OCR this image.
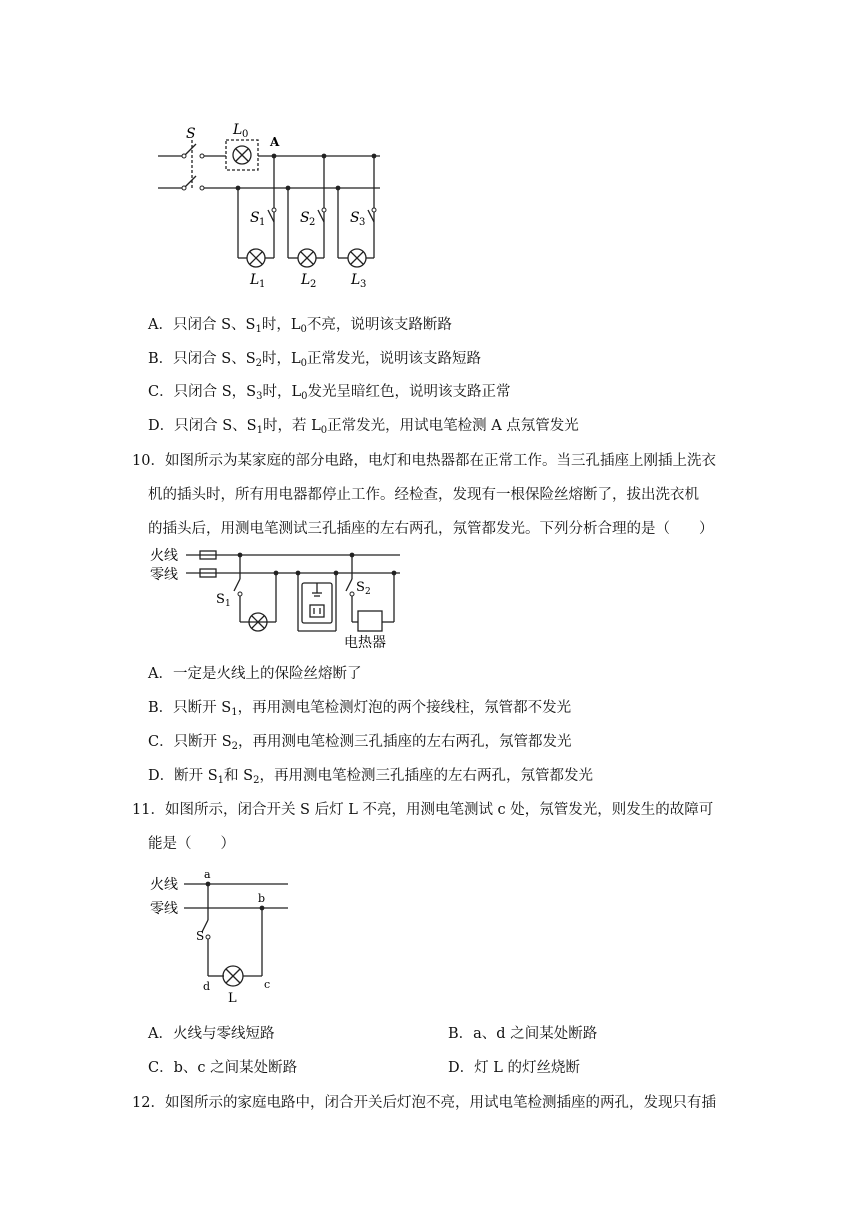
S	L 0
A
S 1 S 2 S 3
L 1	L 2 L 3
A．只闭合 S、$S_1$时，$L_0$不亮，说明该支路断路
B．只闭合 S、$S_2$时，$L_0$正常发光，说明该支路短路
C．只闭合 S，$S_3$时，$L_0$发光呈暗红色，说明该支路正常
D．只闭合 S、$S_1$时，若 $L_0$正常发光，用试电笔检测 A 点氖管发光
10．如图所示为某家庭的部分电路，电灯和电热器都在正常工作。当三孔插座上刚插上洗衣
机的插头时，所有用电器都停止工作。经检查，发现有一根保险丝熔断了，拔出洗衣机
的插头后，用测电笔测试三孔插座的左右两孔，氖管都发光。下列分析合理的是（　　）
火线
零线
S 1
S 2
电热器
A．一定是火线上的保险丝熔断了
B．只断开 $S_1$，再用测电笔检测灯泡的两个接线柱，氖管都不发光
C．只断开 $S_2$，再用测电笔检测三孔插座的左右两孔，氖管都发光
D．断开 $S_1$和 $S_2$，再用测电笔检测三孔插座的左右两孔，氖管都发光
11．如图所示，闭合开关 S 后灯 L 不亮，用测电笔测试 c 处，氖管发光，则发生的故障可
能是（　　）
火线
零线
a
b
c
d
S
L
A．火线与零线短路	B．a、d 之间某处断路
C．b、c 之间某处断路	D．灯 L 的灯丝烧断
12．如图所示的家庭电路中，闭合开关后灯泡不亮，用试电笔检测插座的两孔，发现只有插
